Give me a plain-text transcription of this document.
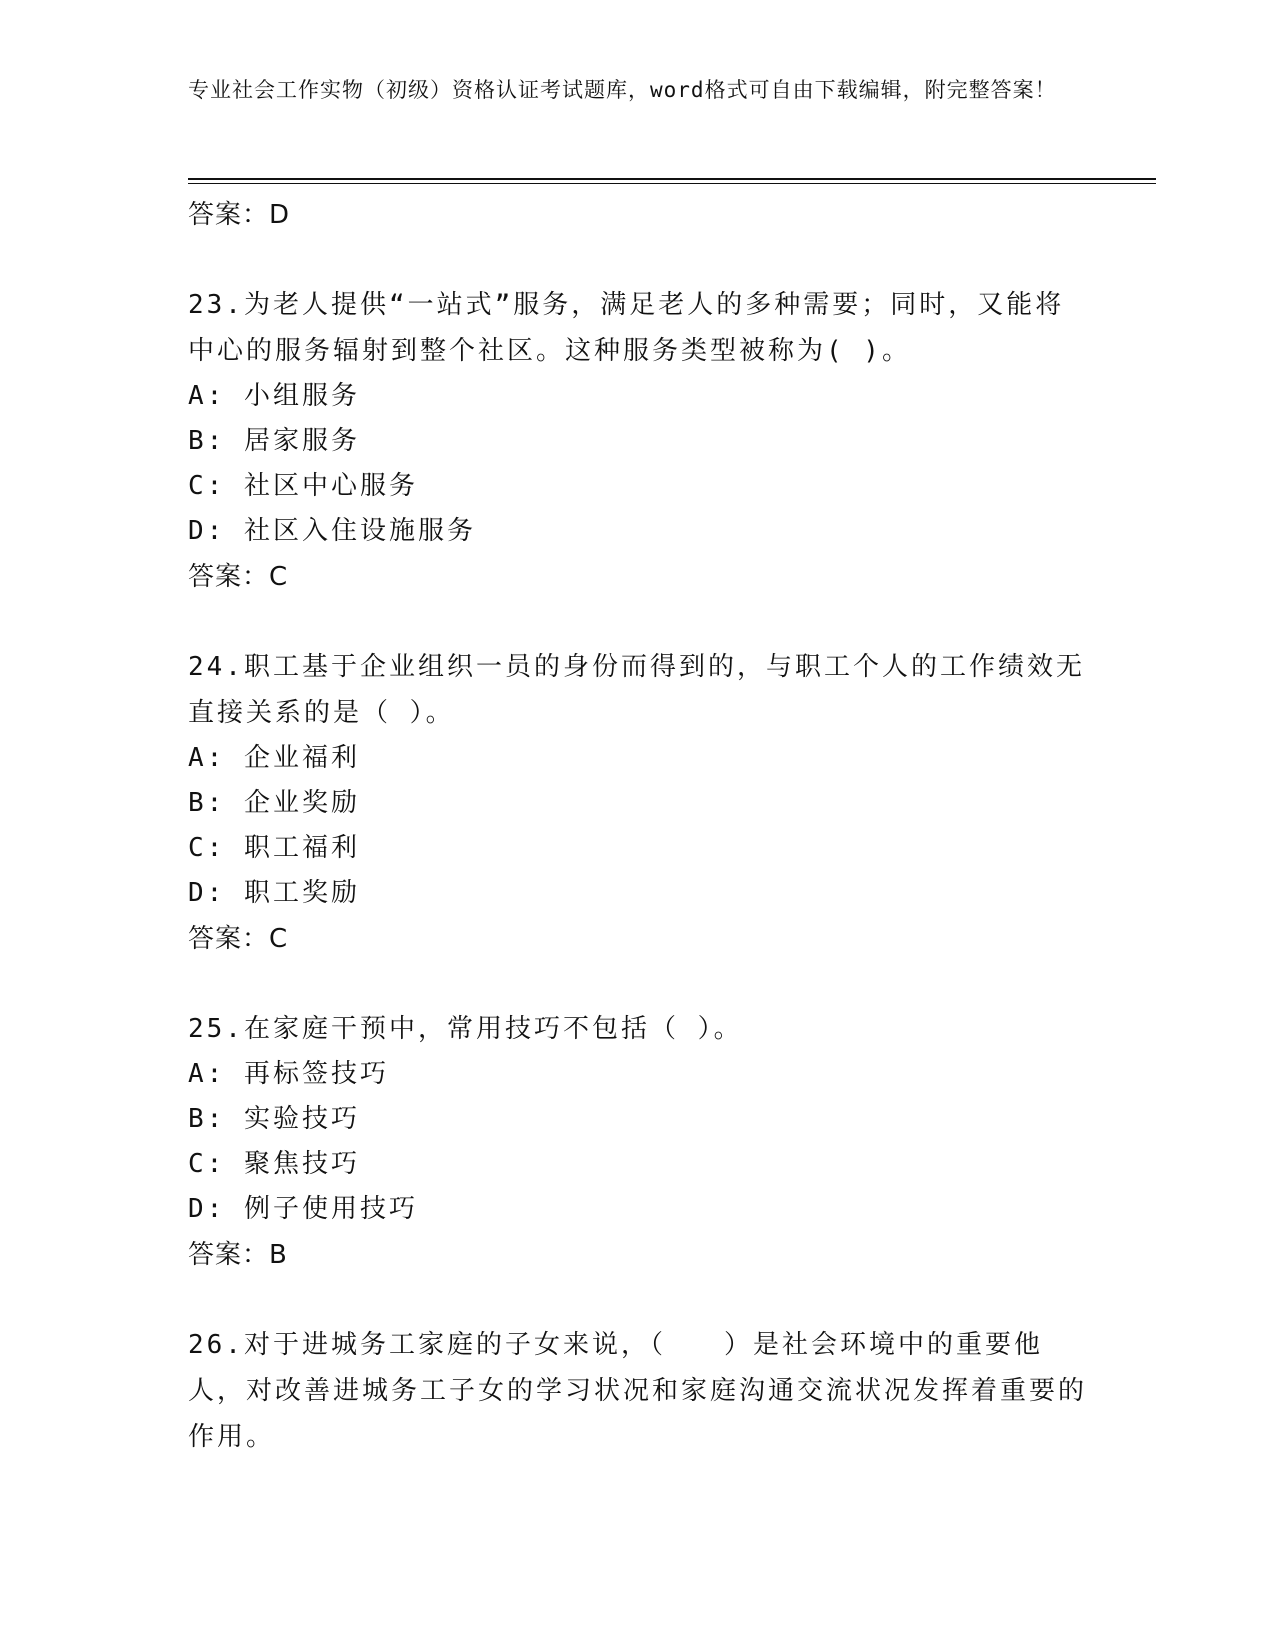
专业社会工作实物（初级）资格认证考试题库，word格式可自由下载编辑，附完整答案！
答案：D
23.为老人提供“一站式”服务，满足老人的多种需要；同时，又能将中心的服务辐射到整个社区。这种服务类型被称为( )。
A: 小组服务
B: 居家服务
C: 社区中心服务
D: 社区入住设施服务
答案：C
24.职工基于企业组织一员的身份而得到的，与职工个人的工作绩效无直接关系的是（ ）。
A: 企业福利
B: 企业奖励
C: 职工福利
D: 职工奖励
答案：C
25.在家庭干预中，常用技巧不包括（ ）。
A: 再标签技巧
B: 实验技巧
C: 聚焦技巧
D: 例子使用技巧
答案：B
26.对于进城务工家庭的子女来说，（　　）是社会环境中的重要他人，对改善进城务工子女的学习状况和家庭沟通交流状况发挥着重要的作用。
